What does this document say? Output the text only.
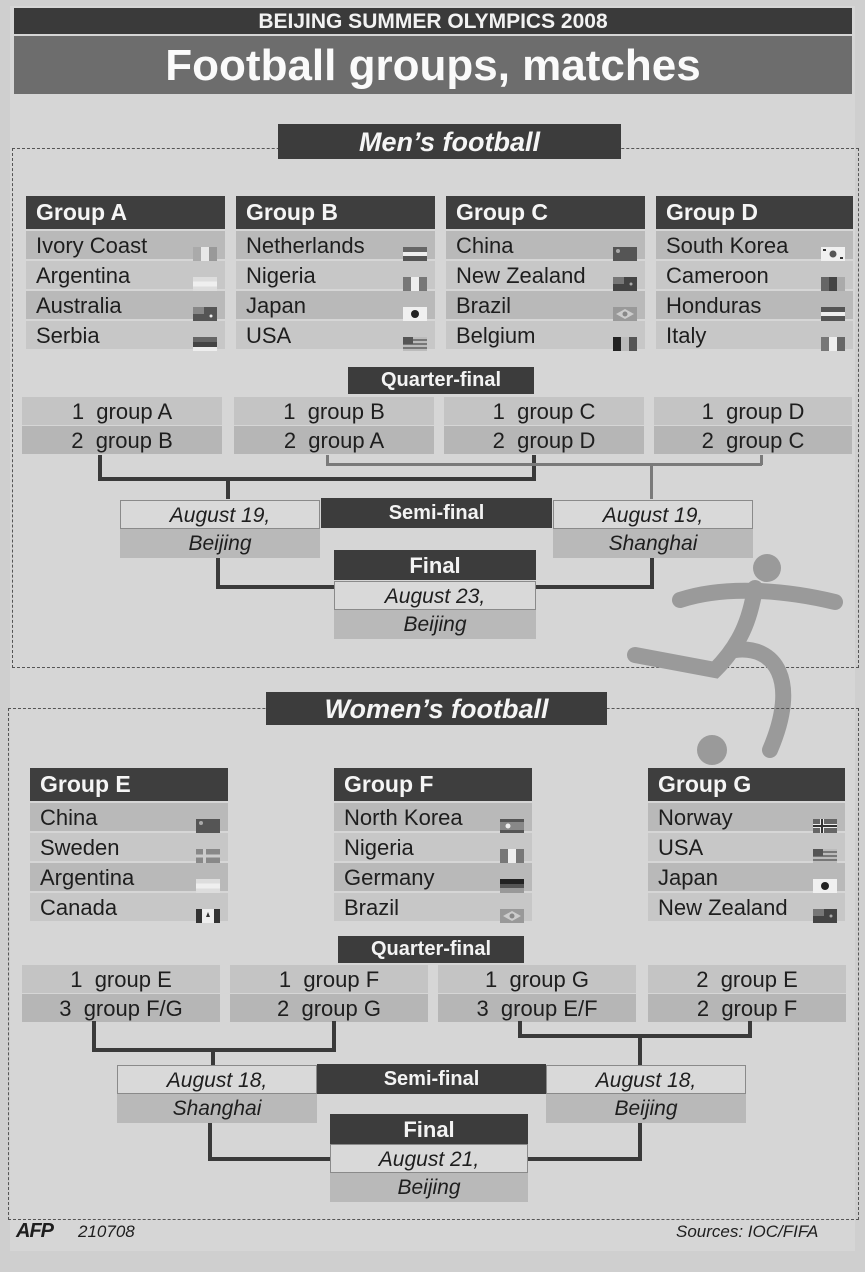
BEIJING SUMMER OLYMPICS 2008
Football groups, matches
Men’s football
Group A
Ivory Coast
Argentina
Australia
Serbia
Group B
Netherlands
Nigeria
Japan
USA
Group C
China
New Zealand
Brazil
Belgium
Group D
South Korea
Cameroon
Honduras
Italy
Quarter-final
1  group A
2  group B
1  group B
2  group A
1  group C
2  group D
1  group D
2  group C
August 19,
Beijing
Semi-final	August 19,
Shanghai
Final
August 23,
Beijing
Women’s football
Group E
China
Sweden
Argentina
Canada
Group F
North Korea
Nigeria
Germany
Brazil
Group G
Norway
USA
Japan
New Zealand
Quarter-final
1  group E
3  group F/G
1  group F
2  group G
1  group G
3  group E/F
2  group E
2  group F
August 18,
Shanghai
Semi-final	August 18,
Beijing
Final
August 21,
Beijing
AFP 210708	Sources: IOC/FIFA
